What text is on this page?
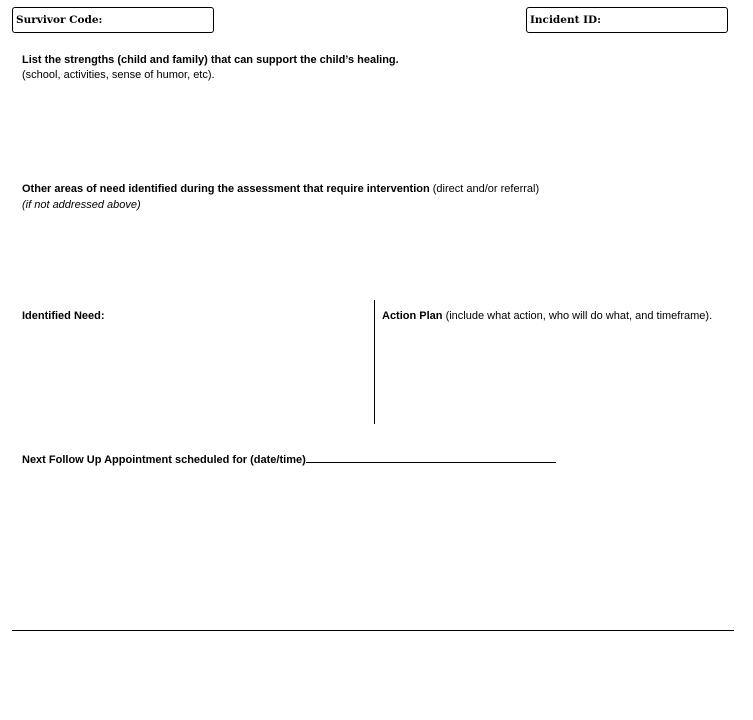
Survivor Code:	Incident ID:
List the strengths (child and family) that can support the child’s healing.
(school, activities, sense of humor, etc).
Other areas of need identified during the assessment that require intervention (direct and/or referral)
(if not addressed above)
Identified Need:	Action Plan (include what action, who will do what, and timeframe).
Next Follow Up Appointment scheduled for (date/time)
